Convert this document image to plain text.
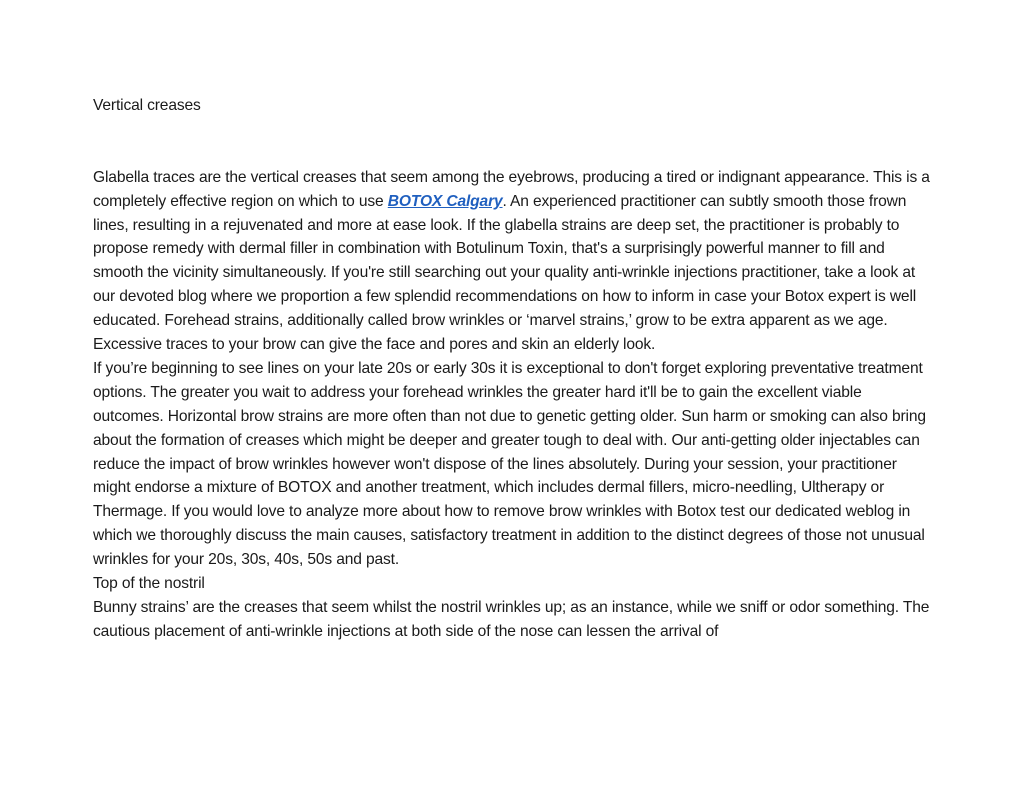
Vertical creases

Glabella traces are the vertical creases that seem among the eyebrows, producing a tired or indignant appearance. This is a completely effective region on which to use BOTOX Calgary. An experienced practitioner can subtly smooth those frown lines, resulting in a rejuvenated and more at ease look. If the glabella strains are deep set, the practitioner is probably to propose remedy with dermal filler in combination with Botulinum Toxin, that's a surprisingly powerful manner to fill and smooth the vicinity simultaneously. If you're still searching out your quality anti-wrinkle injections practitioner, take a look at our devoted blog where we proportion a few splendid recommendations on how to inform in case your Botox expert is well educated. Forehead strains, additionally called brow wrinkles or ‘marvel strains,’ grow to be extra apparent as we age. Excessive traces to your brow can give the face and pores and skin an elderly look.

If you’re beginning to see lines on your late 20s or early 30s it is exceptional to don't forget exploring preventative treatment options. The greater you wait to address your forehead wrinkles the greater hard it'll be to gain the excellent viable outcomes. Horizontal brow strains are more often than not due to genetic getting older. Sun harm or smoking can also bring about the formation of creases which might be deeper and greater tough to deal with. Our anti-getting older injectables can reduce the impact of brow wrinkles however won't dispose of the lines absolutely. During your session, your practitioner might endorse a mixture of BOTOX and another treatment, which includes dermal fillers, micro-needling, Ultherapy or Thermage. If you would love to analyze more about how to remove brow wrinkles with Botox test our dedicated weblog in which we thoroughly discuss the main causes, satisfactory treatment in addition to the distinct degrees of those not unusual wrinkles for your 20s, 30s, 40s, 50s and past.

Top of the nostril

Bunny strains’ are the creases that seem whilst the nostril wrinkles up; as an instance, while we sniff or odor something. The cautious placement of anti-wrinkle injections at both side of the nose can lessen the arrival of
